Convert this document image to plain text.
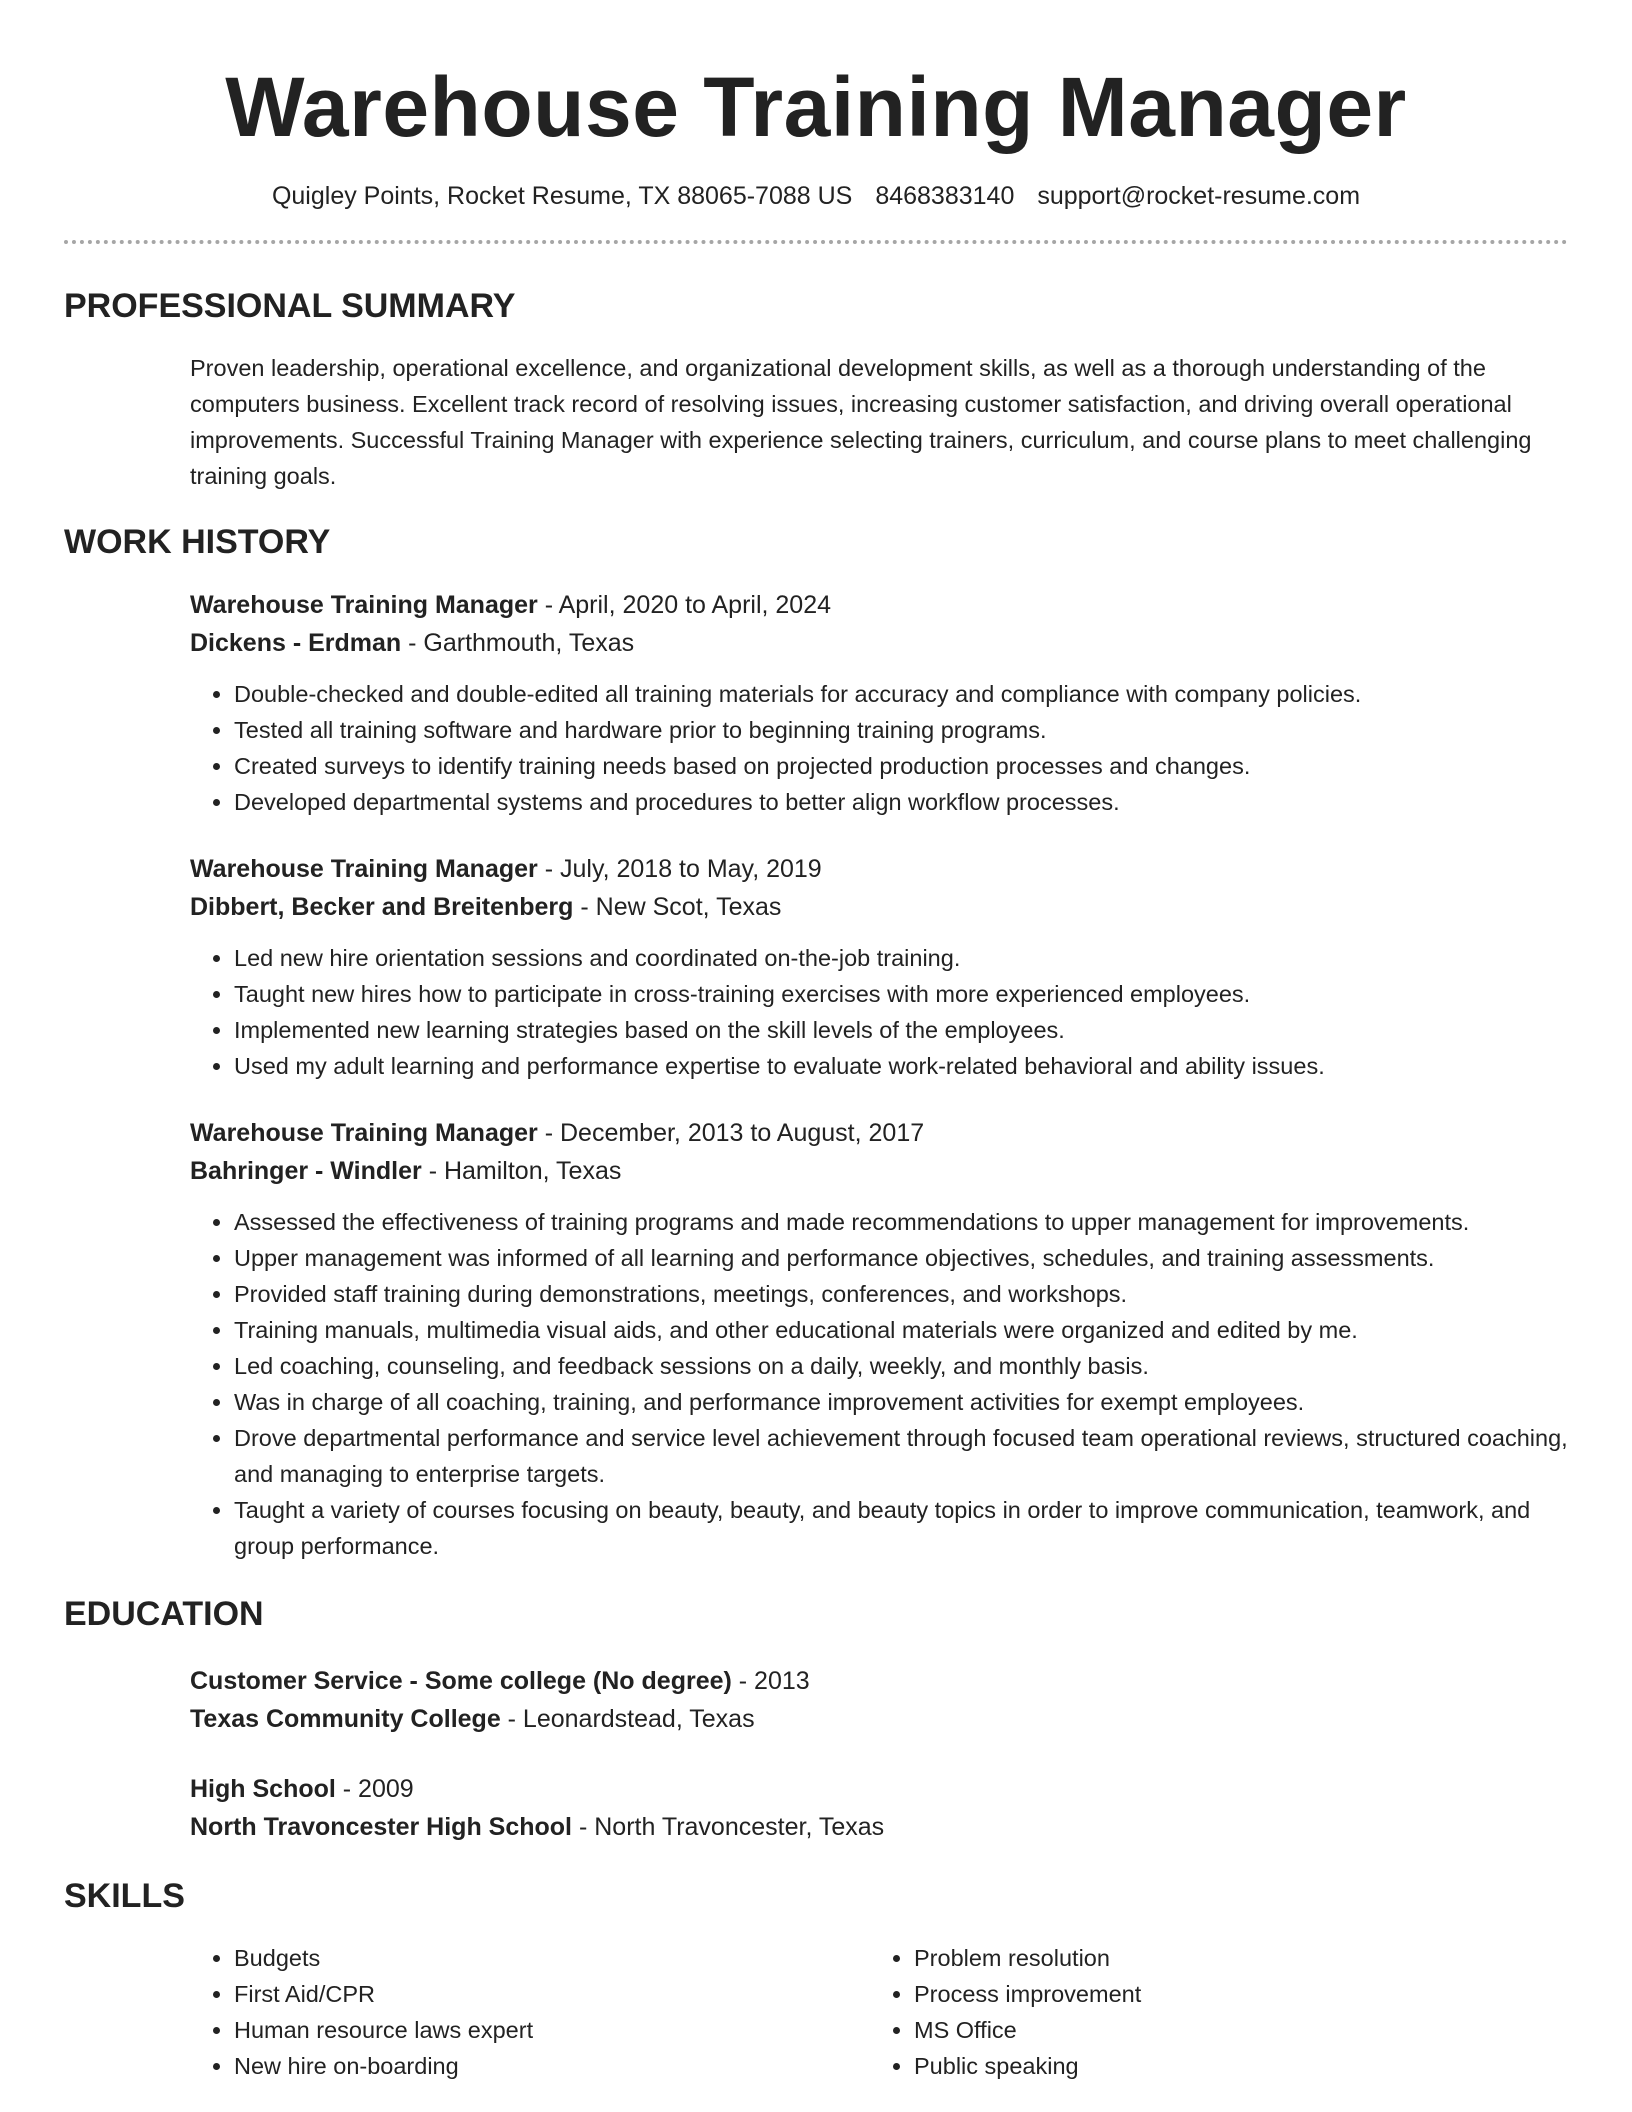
Warehouse Training Manager
Quigley Points, Rocket Resume, TX 88065-7088 US 8468383140 support@rocket-resume.com
PROFESSIONAL SUMMARY

Proven leadership, operational excellence, and organizational development skills, as well as a thorough understanding of the computers business. Excellent track record of resolving issues, increasing customer satisfaction, and driving overall operational improvements. Successful Training Manager with experience selecting trainers, curriculum, and course plans to meet challenging training goals.

WORK HISTORY
Warehouse Training Manager - April, 2020 to April, 2024
Dickens - Erdman - Garthmouth, Texas
• Double-checked and double-edited all training materials for accuracy and compliance with company policies.
• Tested all training software and hardware prior to beginning training programs.
• Created surveys to identify training needs based on projected production processes and changes.
• Developed departmental systems and procedures to better align workflow processes.
Warehouse Training Manager - July, 2018 to May, 2019
Dibbert, Becker and Breitenberg - New Scot, Texas
• Led new hire orientation sessions and coordinated on-the-job training.
• Taught new hires how to participate in cross-training exercises with more experienced employees.
• Implemented new learning strategies based on the skill levels of the employees.
• Used my adult learning and performance expertise to evaluate work-related behavioral and ability issues.
Warehouse Training Manager - December, 2013 to August, 2017
Bahringer - Windler - Hamilton, Texas
• Assessed the effectiveness of training programs and made recommendations to upper management for improvements.
• Upper management was informed of all learning and performance objectives, schedules, and training assessments.
• Provided staff training during demonstrations, meetings, conferences, and workshops.
• Training manuals, multimedia visual aids, and other educational materials were organized and edited by me.
• Led coaching, counseling, and feedback sessions on a daily, weekly, and monthly basis.
• Was in charge of all coaching, training, and performance improvement activities for exempt employees.
• Drove departmental performance and service level achievement through focused team operational reviews, structured coaching, and managing to enterprise targets.
• Taught a variety of courses focusing on beauty, beauty, and beauty topics in order to improve communication, teamwork, and group performance.
EDUCATION
Customer Service - Some college (No degree) - 2013
Texas Community College - Leonardstead, Texas
High School - 2009
North Travoncester High School - North Travoncester, Texas
SKILLS
• Budgets
• First Aid/CPR
• Human resource laws expert
• New hire on-boarding
• Problem resolution
• Process improvement
• MS Office
• Public speaking
